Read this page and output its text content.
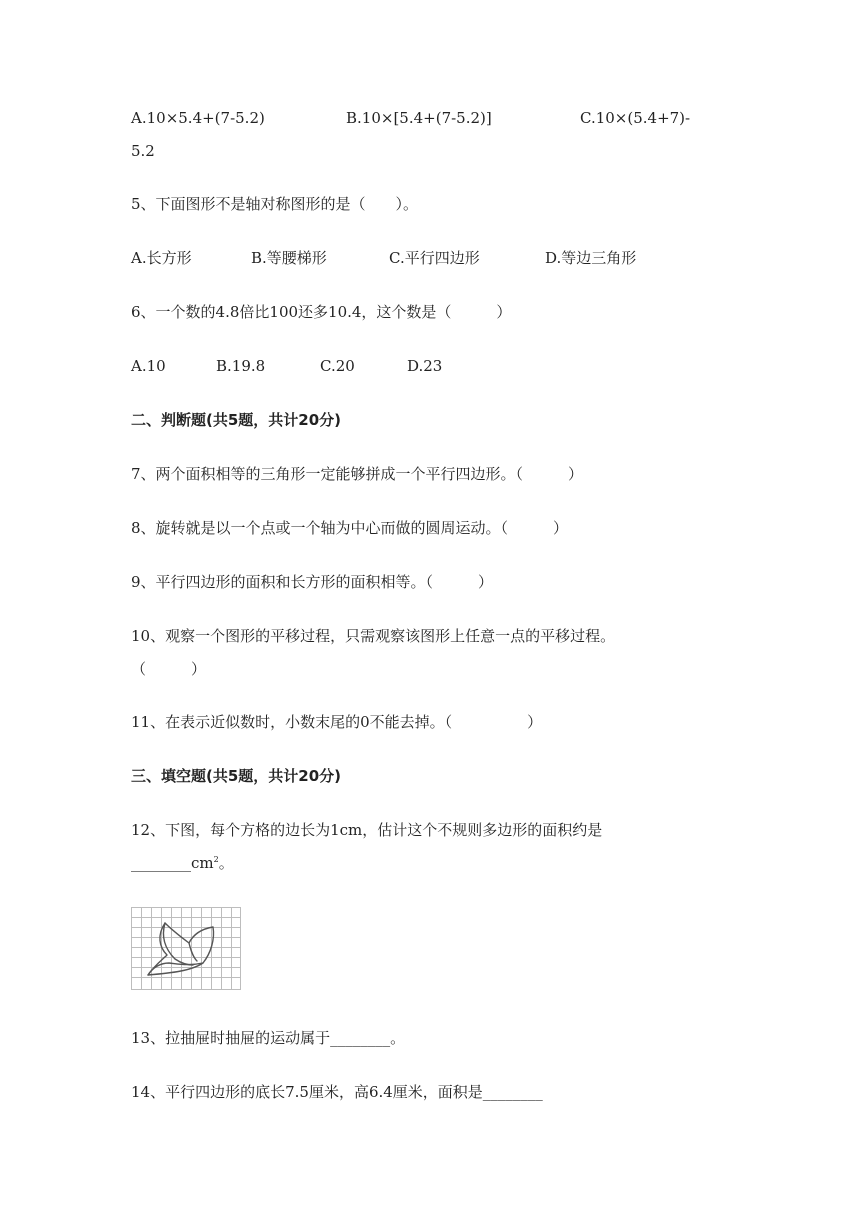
A.10×5.4+(7-5.2)	B.10×[5.4+(7-5.2)]	C.10×(5.4+7)-
5.2
5、下面图形不是轴对称图形的是（　　）。
A.长方形	B.等腰梯形	C.平行四边形	D.等边三角形
6、一个数的4.8倍比100还多10.4，这个数是（　　　）
A.10	B.19.8	C.20	D.23
二、判断题(共5题，共计20分)
7、两个面积相等的三角形一定能够拼成一个平行四边形。（　　　）
8、旋转就是以一个点或一个轴为中心而做的圆周运动。（　　　）
9、平行四边形的面积和长方形的面积相等。（　　　）
10、观察一个图形的平移过程，只需观察该图形上任意一点的平移过程。
（　　　）
11、在表示近似数时，小数末尾的0不能去掉。（　　　　　）
三、填空题(共5题，共计20分)
12、下图，每个方格的边长为1cm，估计这个不规则多边形的面积约是
$\_\_\_\_\_\_\_\_cm^2$。
13、拉抽屉时抽屉的运动属于________。
14、平行四边形的底长7.5厘米，高6.4厘米，面积是________
